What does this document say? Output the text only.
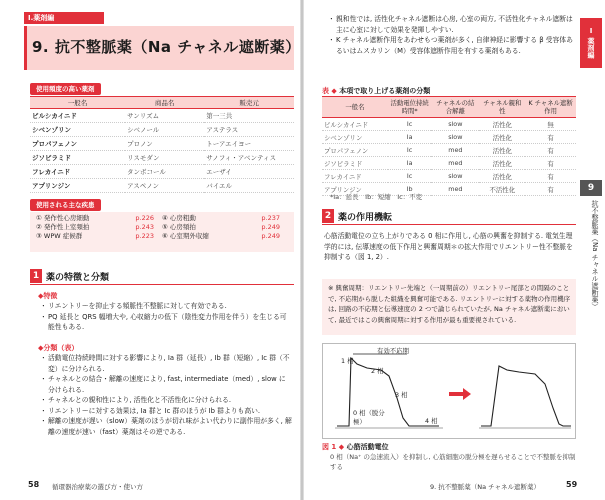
Ⅰ.薬剤編
9. 抗不整脈薬（Na チャネル遮断薬）
使用頻度の高い薬剤
一般名	商品名	販売元
ピルシカイニド	サンリズム	第一三共
シベンゾリン	シベノール	アステラス
プロパフェノン	プロノン	トーアエイヨー
ジソピラミド	リスモダン	サノフィ・アベンティス
フレカイニド	タンボコール	エーザイ
アプリンジン	アスペノン	バイエル
使用される主な疾患
① 発作性心房細動	p.226 ④ 心房粗動	p.237
② 発作性上室頻拍	p.243 ⑤ 心房頻拍	p.249
③ WPW 症候群	p.223 ⑥ 心室期外収縮	p.249
1 薬の特徴と分類
◆特徴
・ リエントリーを抑止する頻脈性不整脈に対して有効である.
・ PQ 延長と QRS 幅増大や, 心収縮力の低下（陰性変力作用を伴う）を生じる可能性もある.
◆分類（表）
・ 活動電位持続時間に対する影響により, Ⅰa 群（延長）, Ⅰb 群（短縮）, Ⅰc 群（不変）に分けられる.
・ チャネルとの結合・解離の速度により, fast, intermediate（med）, slow に分けられる.
・ チャネルとの親和性により, 活性化と不活性化に分けられる.
・ リエントリーに対する効果は, Ⅰa 群と Ⅰc 群のほうが Ⅰb 群よりも高い.
・ 解離の速度が遅い（slow）薬剤のほうが切れ味がよい代わりに副作用が多く, 解離の速度が速い（fast）薬剤はその逆である.
58 循環器治療薬の選び方・使い方
・ 親和性では, 活性化チャネル遮断は心房, 心室の両方, 不活性化チャネル遮断は主に心室に対して効果を発揮しやすい.
・ K チャネル遮断作用をあわせもつ薬剤が多く, 自律神経に影響する β 受容体あるいはムスカリン（M）受容体遮断作用を有する薬剤もある.
表 ◆ 本項で取り上げる薬剤の分類
一般名	活動電位持続時間*	チャネルの結合解離	チャネル親和性	K チャネル遮断作用
ピルシカイニド	Ⅰc	slow	活性化	無
シベンゾリン	Ⅰa	slow	活性化	有
プロパフェノン	Ⅰc	med	活性化	有
ジソピラミド	Ⅰa	med	活性化	有
フレカイニド	Ⅰc	slow	活性化	有
アプリンジン	Ⅰb	med	不活性化	有
*Ⅰa：延長　Ⅰb：短縮　Ⅰc：不変
2 薬の作用機転
心筋活動電位の立ち上がりである 0 相に作用し, 心筋の興奮を抑制する. 電気生理学的には, 伝導速度の低下作用と興奮周期＊の拡大作用でリエントリー性不整脈を抑制する（図 1, 2）.
※ 興奮周期：リエントリー先端と（一周期前の）リエントリー尾部との間隔のことで, 不応期から脱した組織を興奮可能である. リエントリーに対する薬物の作用機序は, 回路の不応期と伝導速度の 2 つで論じられていたが, Na チャネル遮断薬において, 最近ではこの興奮周期に対する作用が最も重要視されている.
1 相
2 相
有効不応期
0 相（脱分極）
3 相
4 相
図 1 ◆ 心筋活動電位
0 相（Na⁺ の急速流入）を抑制し, 心筋細胞の脱分極を遅らせることで不整脈を抑制する
Ⅰ 薬剤編
9
抗不整脈薬（Na チャネル遮断薬）
9. 抗不整脈薬（Na チャネル遮断薬）	59
